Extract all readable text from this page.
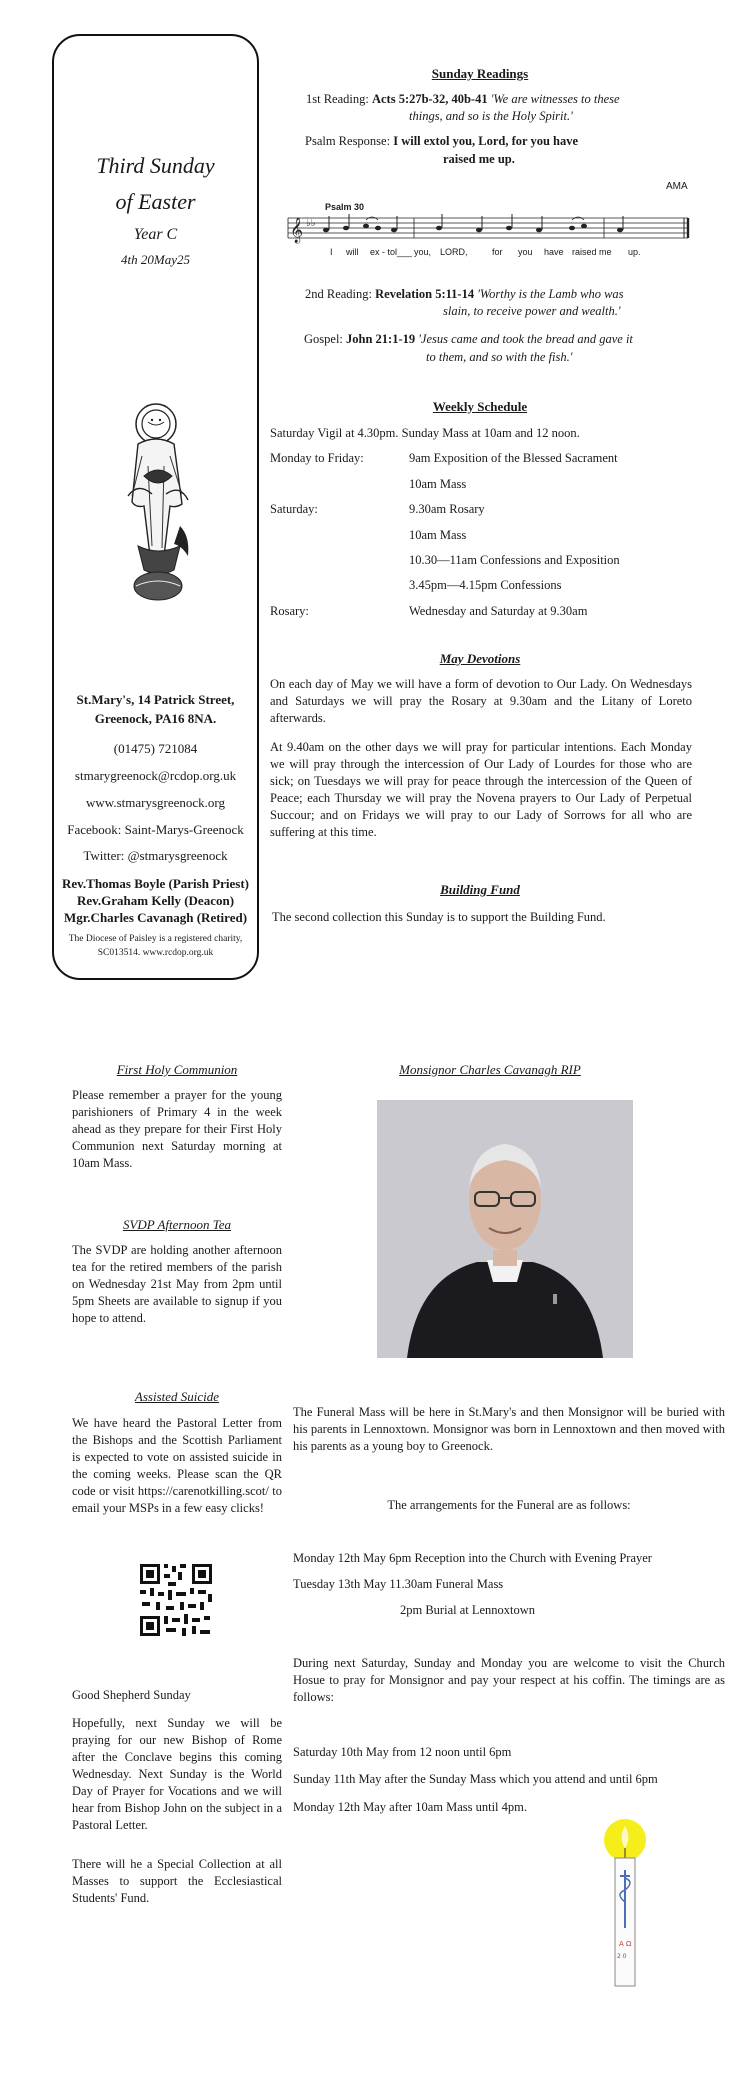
Third Sunday
of Easter
Year C
4th 20May25
St.Mary's, 14 Patrick Street,
Greenock, PA16 8NA.
(01475) 721084
stmarygreenock@rcdop.org.uk
www.stmarysgreenock.org
Facebook: Saint-Marys-Greenock
Twitter: @stmarysgreenock
Rev.Thomas Boyle (Parish Priest)
Rev.Graham Kelly (Deacon)
Mgr.Charles Cavanagh (Retired)
The Diocese of Paisley is a registered charity,
SC013514. www.rcdop.org.uk
Sunday Readings
1st Reading: Acts 5:27b-32, 40b-41 'We are witnesses to these
things, and so is the Holy Spirit.'
Psalm Response: I will extol you, Lord, for you have
raised me up.
AMA
Psalm 30
𝄞 ♭♭
I will ex - tol___ you, LORD,	for you have raised me up.
2nd Reading: Revelation 5:11-14 'Worthy is the Lamb who was
slain, to receive power and wealth.'
Gospel: John 21:1-19 'Jesus came and took the bread and gave it
to them, and so with the fish.'
Weekly Schedule
Saturday Vigil at 4.30pm. Sunday Mass at 10am and 12 noon.
Monday to Friday:	9am Exposition of the Blessed Sacrament
10am Mass
Saturday:	9.30am Rosary
10am Mass
10.30—11am Confessions and Exposition
3.45pm—4.15pm Confessions
Rosary:	Wednesday and Saturday at 9.30am
May Devotions

On each day of May we will have a form of devotion to Our Lady. On Wednesdays and Saturdays we will pray the Rosary at 9.30am and the Litany of Loreto afterwards.

At 9.40am on the other days we will pray for particular intentions. Each Monday we will pray through the intercession of Our Lady of Lourdes for those who are sick; on Tuesdays we will pray for peace through the intercession of the Queen of Peace; each Thursday we will pray the Novena prayers to Our Lady of Perpetual Succour; and on Fridays we will pray to our Lady of Sorrows for all who are suffering at this time.

Building Fund

The second collection this Sunday is to support the Building Fund.

First Holy Communion

Please remember a prayer for the young parishioners of Primary 4 in the week ahead as they prepare for their First Holy Communion next Saturday morning at 10am Mass.

SVDP Afternoon Tea

The SVDP are holding another afternoon tea for the retired members of the parish on Wednesday 21st May from 2pm until 5pm Sheets are available to signup if you hope to attend.

Assisted Suicide

We have heard the Pastoral Letter from the Bishops and the Scottish Parliament is expected to vote on assisted suicide in the coming weeks. Please scan the QR code or visit https://carenotkilling.scot/ to email your MSPs in a few easy clicks!

Good Shepherd Sunday

Hopefully, next Sunday we will be praying for our new Bishop of Rome after the Conclave begins this coming Wednesday. Next Sunday is the World Day of Prayer for Vocations and we will hear from Bishop John on the subject in a Pastoral Letter.

There will he a Special Collection at all Masses to support the Ecclesiastical Students' Fund.

Monsignor Charles Cavanagh RIP

The Funeral Mass will be here in St.Mary's and then Monsignor will be buried with his parents in Lennoxtown. Monsignor was born in Lennoxtown and then moved with his parents as a young boy to Greenock.

The arrangements for the Funeral are as follows:
Monday 12th May 6pm Reception into the Church with Evening Prayer
Tuesday 13th May 11.30am Funeral Mass
2pm Burial at Lennoxtown

During next Saturday, Sunday and Monday you are welcome to visit the Church Hosue to pray for Monsignor and pay your respect at his coffin. The timings are as follows:

Saturday 10th May from 12 noon until 6pm
Sunday 11th May after the Sunday Mass which you attend and until 6pm
Monday 12th May after 10am Mass until 4pm.
A Ω
2 0
